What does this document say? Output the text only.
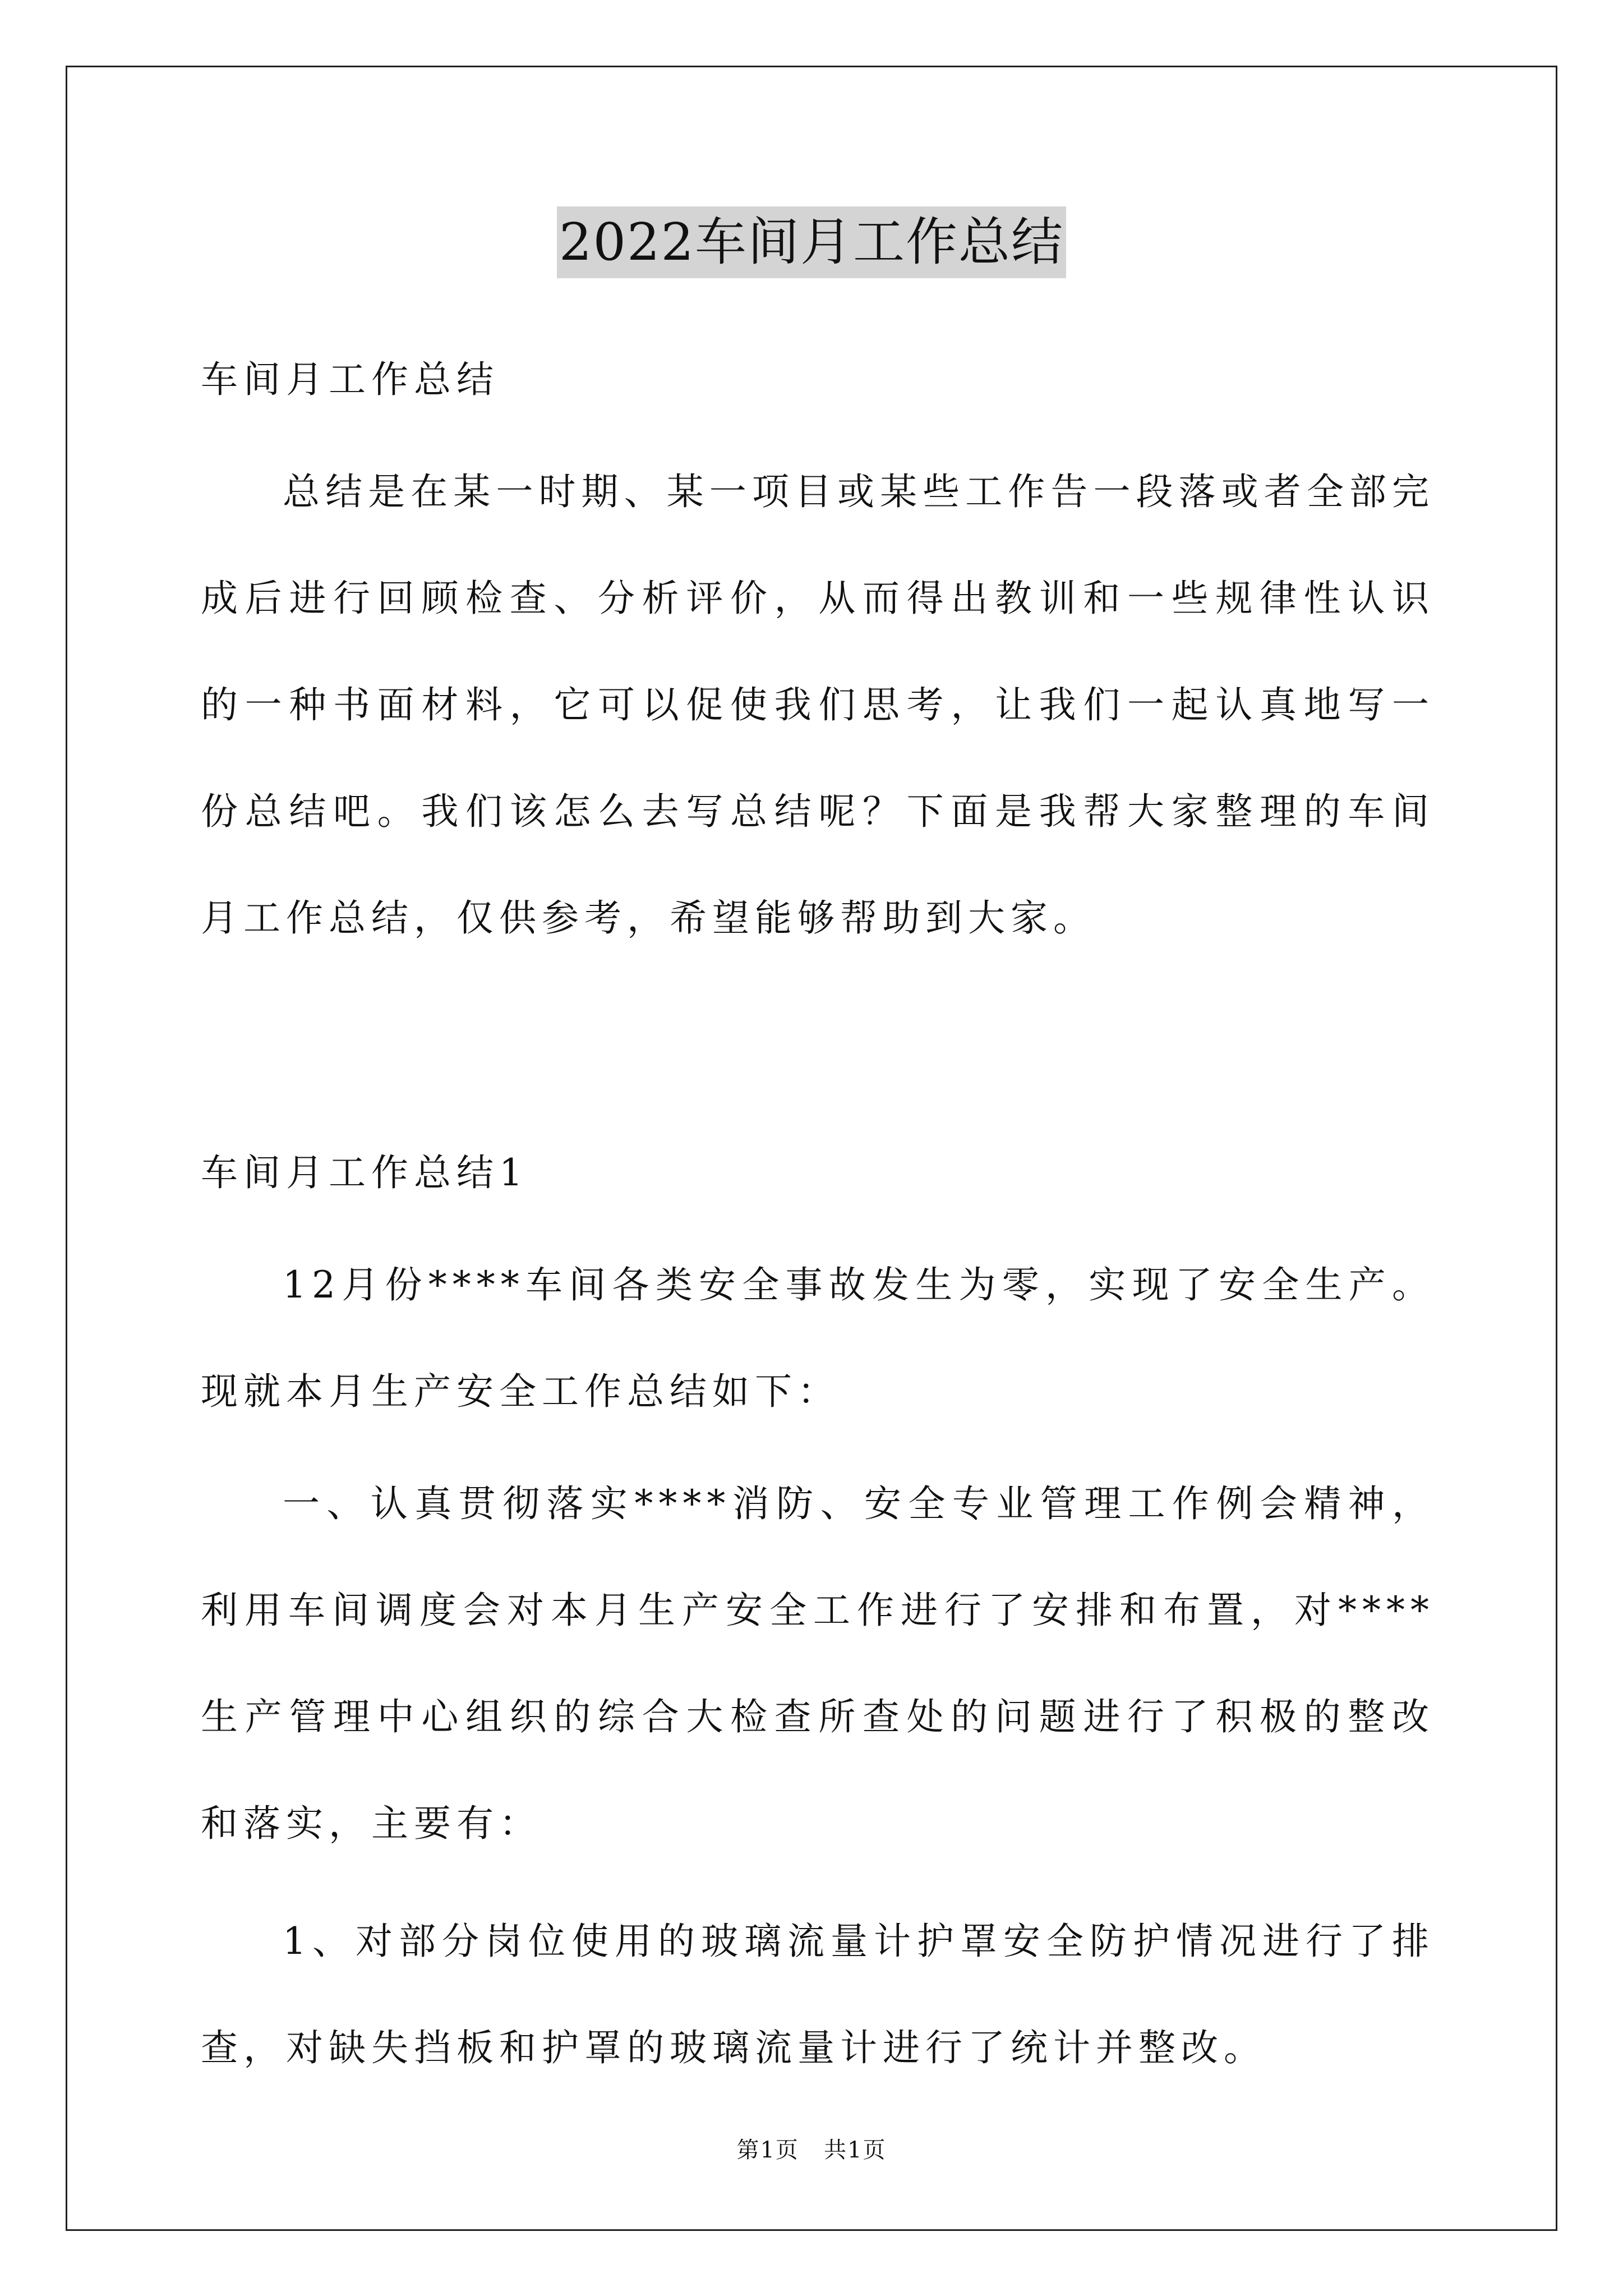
2022车间月工作总结
车间月工作总结
总结是在某一时期、某一项目或某些工作告一段落或者全部完成后进行回顾检查、分析评价，从而得出教训和一些规律性认识的一种书面材料，它可以促使我们思考，让我们一起认真地写一份总结吧。我们该怎么去写总结呢？下面是我帮大家整理的车间月工作总结，仅供参考，希望能够帮助到大家。
车间月工作总结1
12月份****车间各类安全事故发生为零，实现了安全生产。现就本月生产安全工作总结如下：
一、认真贯彻落实****消防、安全专业管理工作例会精神，利用车间调度会对本月生产安全工作进行了安排和布置，对****生产管理中心组织的综合大检查所查处的问题进行了积极的整改和落实，主要有：
1、对部分岗位使用的玻璃流量计护罩安全防护情况进行了排查，对缺失挡板和护罩的玻璃流量计进行了统计并整改。
第1页   共1页
